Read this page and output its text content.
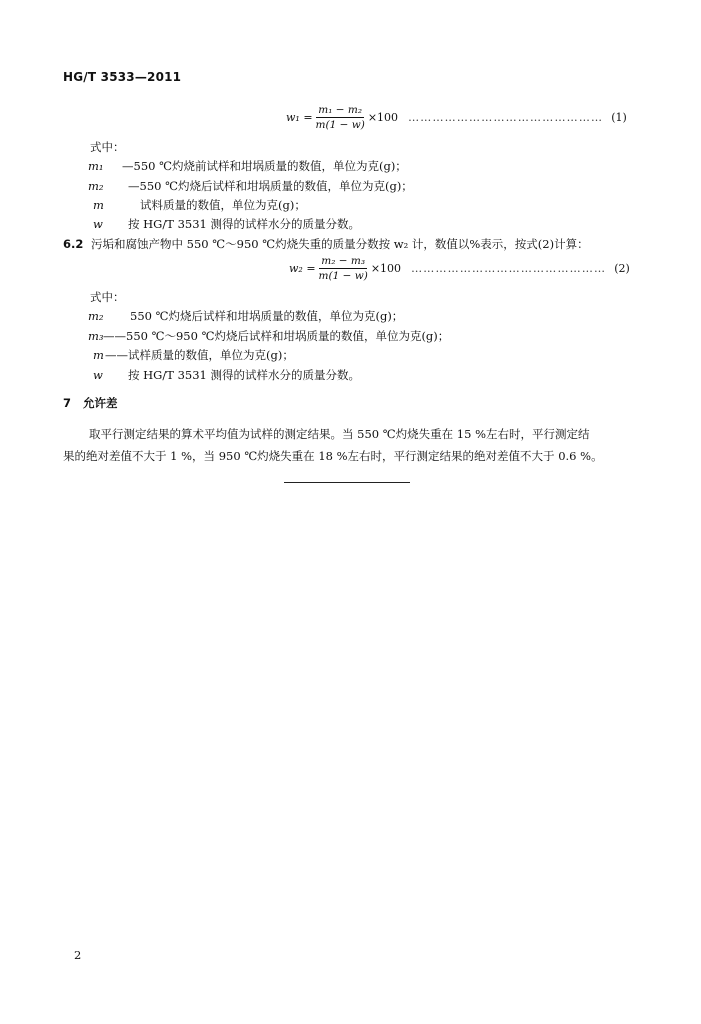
HG/T 3533—2011
$w_1 = \frac{\text{m₁ − m₂}}{m(1 - w)} \times 100$ ………………………………………… (1)
式中：
m₁ —550 ℃灼烧前试样和坩埚质量的数值，单位为克(g)；
m₂ —550 ℃灼烧后试样和坩埚质量的数值，单位为克(g)；
m	试料质量的数值，单位为克(g)；
w 按 HG/T 3531 测得的试样水分的质量分数。
6.2 污垢和腐蚀产物中 550 ℃～950 ℃灼烧失重的质量分数按 w₂ 计，数值以%表示，按式(2)计算：
$w_2 = \frac{\text{m₂ − m₃}}{m(1 - w)} \times 100$ ………………………………………… (2)
式中：
m₂ 550 ℃灼烧后试样和坩埚质量的数值，单位为克(g)；
m₃——550 ℃～950 ℃灼烧后试样和坩埚质量的数值，单位为克(g)；
m——试样质量的数值，单位为克(g)；
w 按 HG/T 3531 测得的试样水分的质量分数。
7 允许差
取平行测定结果的算术平均值为试样的测定结果。当 550 ℃灼烧失重在 15 %左右时，平行测定结
果的绝对差值不大于 1 %，当 950 ℃灼烧失重在 18 %左右时，平行测定结果的绝对差值不大于 0.6 %。
2
